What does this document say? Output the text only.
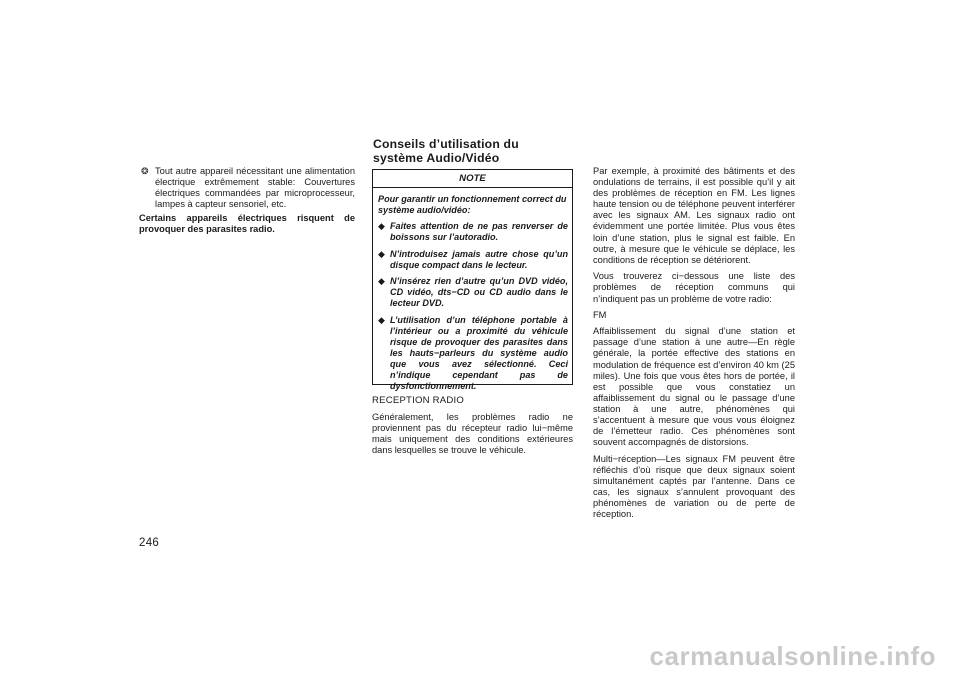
Conseils d’utilisation du
système Audio/Vidéo
❂ Tout autre appareil nécessitant une alimentation électrique extrêmement stable: Couvertures électriques commandées par microprocesseur, lampes à capteur sensoriel, etc.

Certains appareils électriques risquent de provoquer des parasites radio.

NOTE

Pour garantir un fonctionnement correct du système audio/vidéo:

◆ Faites attention de ne pas renverser de boissons sur l’autoradio.
◆ N’introduisez jamais autre chose qu’un disque compact dans le lecteur.
◆ N’insérez rien d’autre qu’un DVD vidéo, CD vidéo, dts−CD ou CD audio dans le lecteur DVD.
◆ L’utilisation d’un téléphone portable à l’intérieur ou a proximité du véhicule risque de provoquer des parasites dans les hauts−parleurs du système audio que vous avez sélectionné. Ceci n’indique cependant pas de dysfonctionnement.

RECEPTION RADIO

Généralement, les problèmes radio ne proviennent pas du récepteur radio lui−même mais uniquement des conditions extérieures dans lesquelles se trouve le véhicule.

Par exemple, à proximité des bâtiments et des ondulations de terrains, il est possible qu’il y ait des problèmes de réception en FM. Les lignes haute tension ou de téléphone peuvent interférer avec les signaux AM. Les signaux radio ont évidemment une portée limitée. Plus vous êtes loin d’une station, plus le signal est faible. En outre, à mesure que le véhicule se déplace, les conditions de réception se détériorent.

Vous trouverez ci−dessous une liste des problèmes de réception communs qui n’indiquent pas un problème de votre radio:

FM

Affaiblissement du signal d’une station et passage d’une station à une autre—En règle générale, la portée effective des stations en modulation de fréquence est d’environ 40 km (25 miles). Une fois que vous êtes hors de portée, il est possible que vous constatiez un affaiblissement du signal ou le passage d’une station à une autre, phénomènes qui s’accentuent à mesure que vous vous éloignez de l’émetteur radio. Ces phénomènes sont souvent accompagnés de distorsions.

Multi−réception—Les signaux FM peuvent être réfléchis d’où risque que deux signaux soient simultanément captés par l’antenne. Dans ce cas, les signaux s’annulent provoquant des phénomènes de variation ou de perte de réception.

246
carmanualsonline.info
